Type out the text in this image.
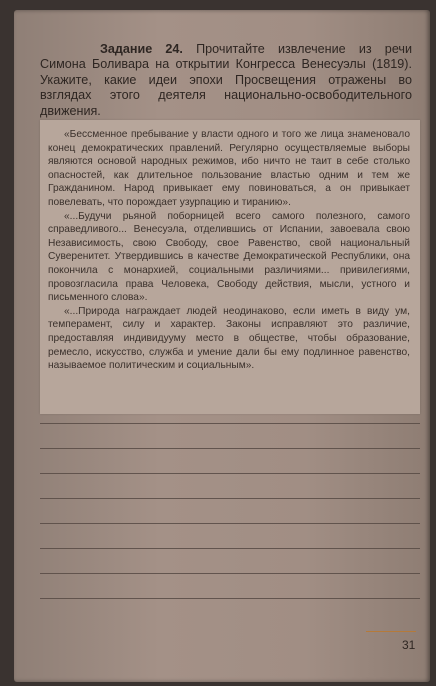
Задание 24. Прочитайте извлечение из речи Симона Боливара на открытии Конгресса Венесуэлы (1819). Укажите, какие идеи эпохи Просвещения отражены во взглядах этого деятеля национально-освободительного движения.

«Бессменное пребывание у власти одного и того же лица знаменовало конец демократических правлений. Регулярно осуществляемые выборы являются основой народных режимов, ибо ничто не таит в себе столько опасностей, как длительное пользование властью одним и тем же Гражданином. Народ привыкает ему повиноваться, а он привыкает повелевать, что порождает узурпацию и тиранию».

«...Будучи рьяной поборницей всего самого полезного, самого справедливого... Венесуэла, отделившись от Испании, завоевала свою Независимость, свою Свободу, свое Равенство, свой национальный Суверенитет. Утвердившись в качестве Демократической Республики, она покончила с монархией, социальными различиями... привилегиями, провозгласила права Человека, Свободу действия, мысли, устного и письменного слова».

«...Природа награждает людей неодинаково, если иметь в виду ум, темперамент, силу и характер. Законы исправляют это различие, предоставляя индивидууму место в обществе, чтобы образование, ремесло, искусство, служба и умение дали бы ему подлинное равенство, называемое политическим и социальным».

31
